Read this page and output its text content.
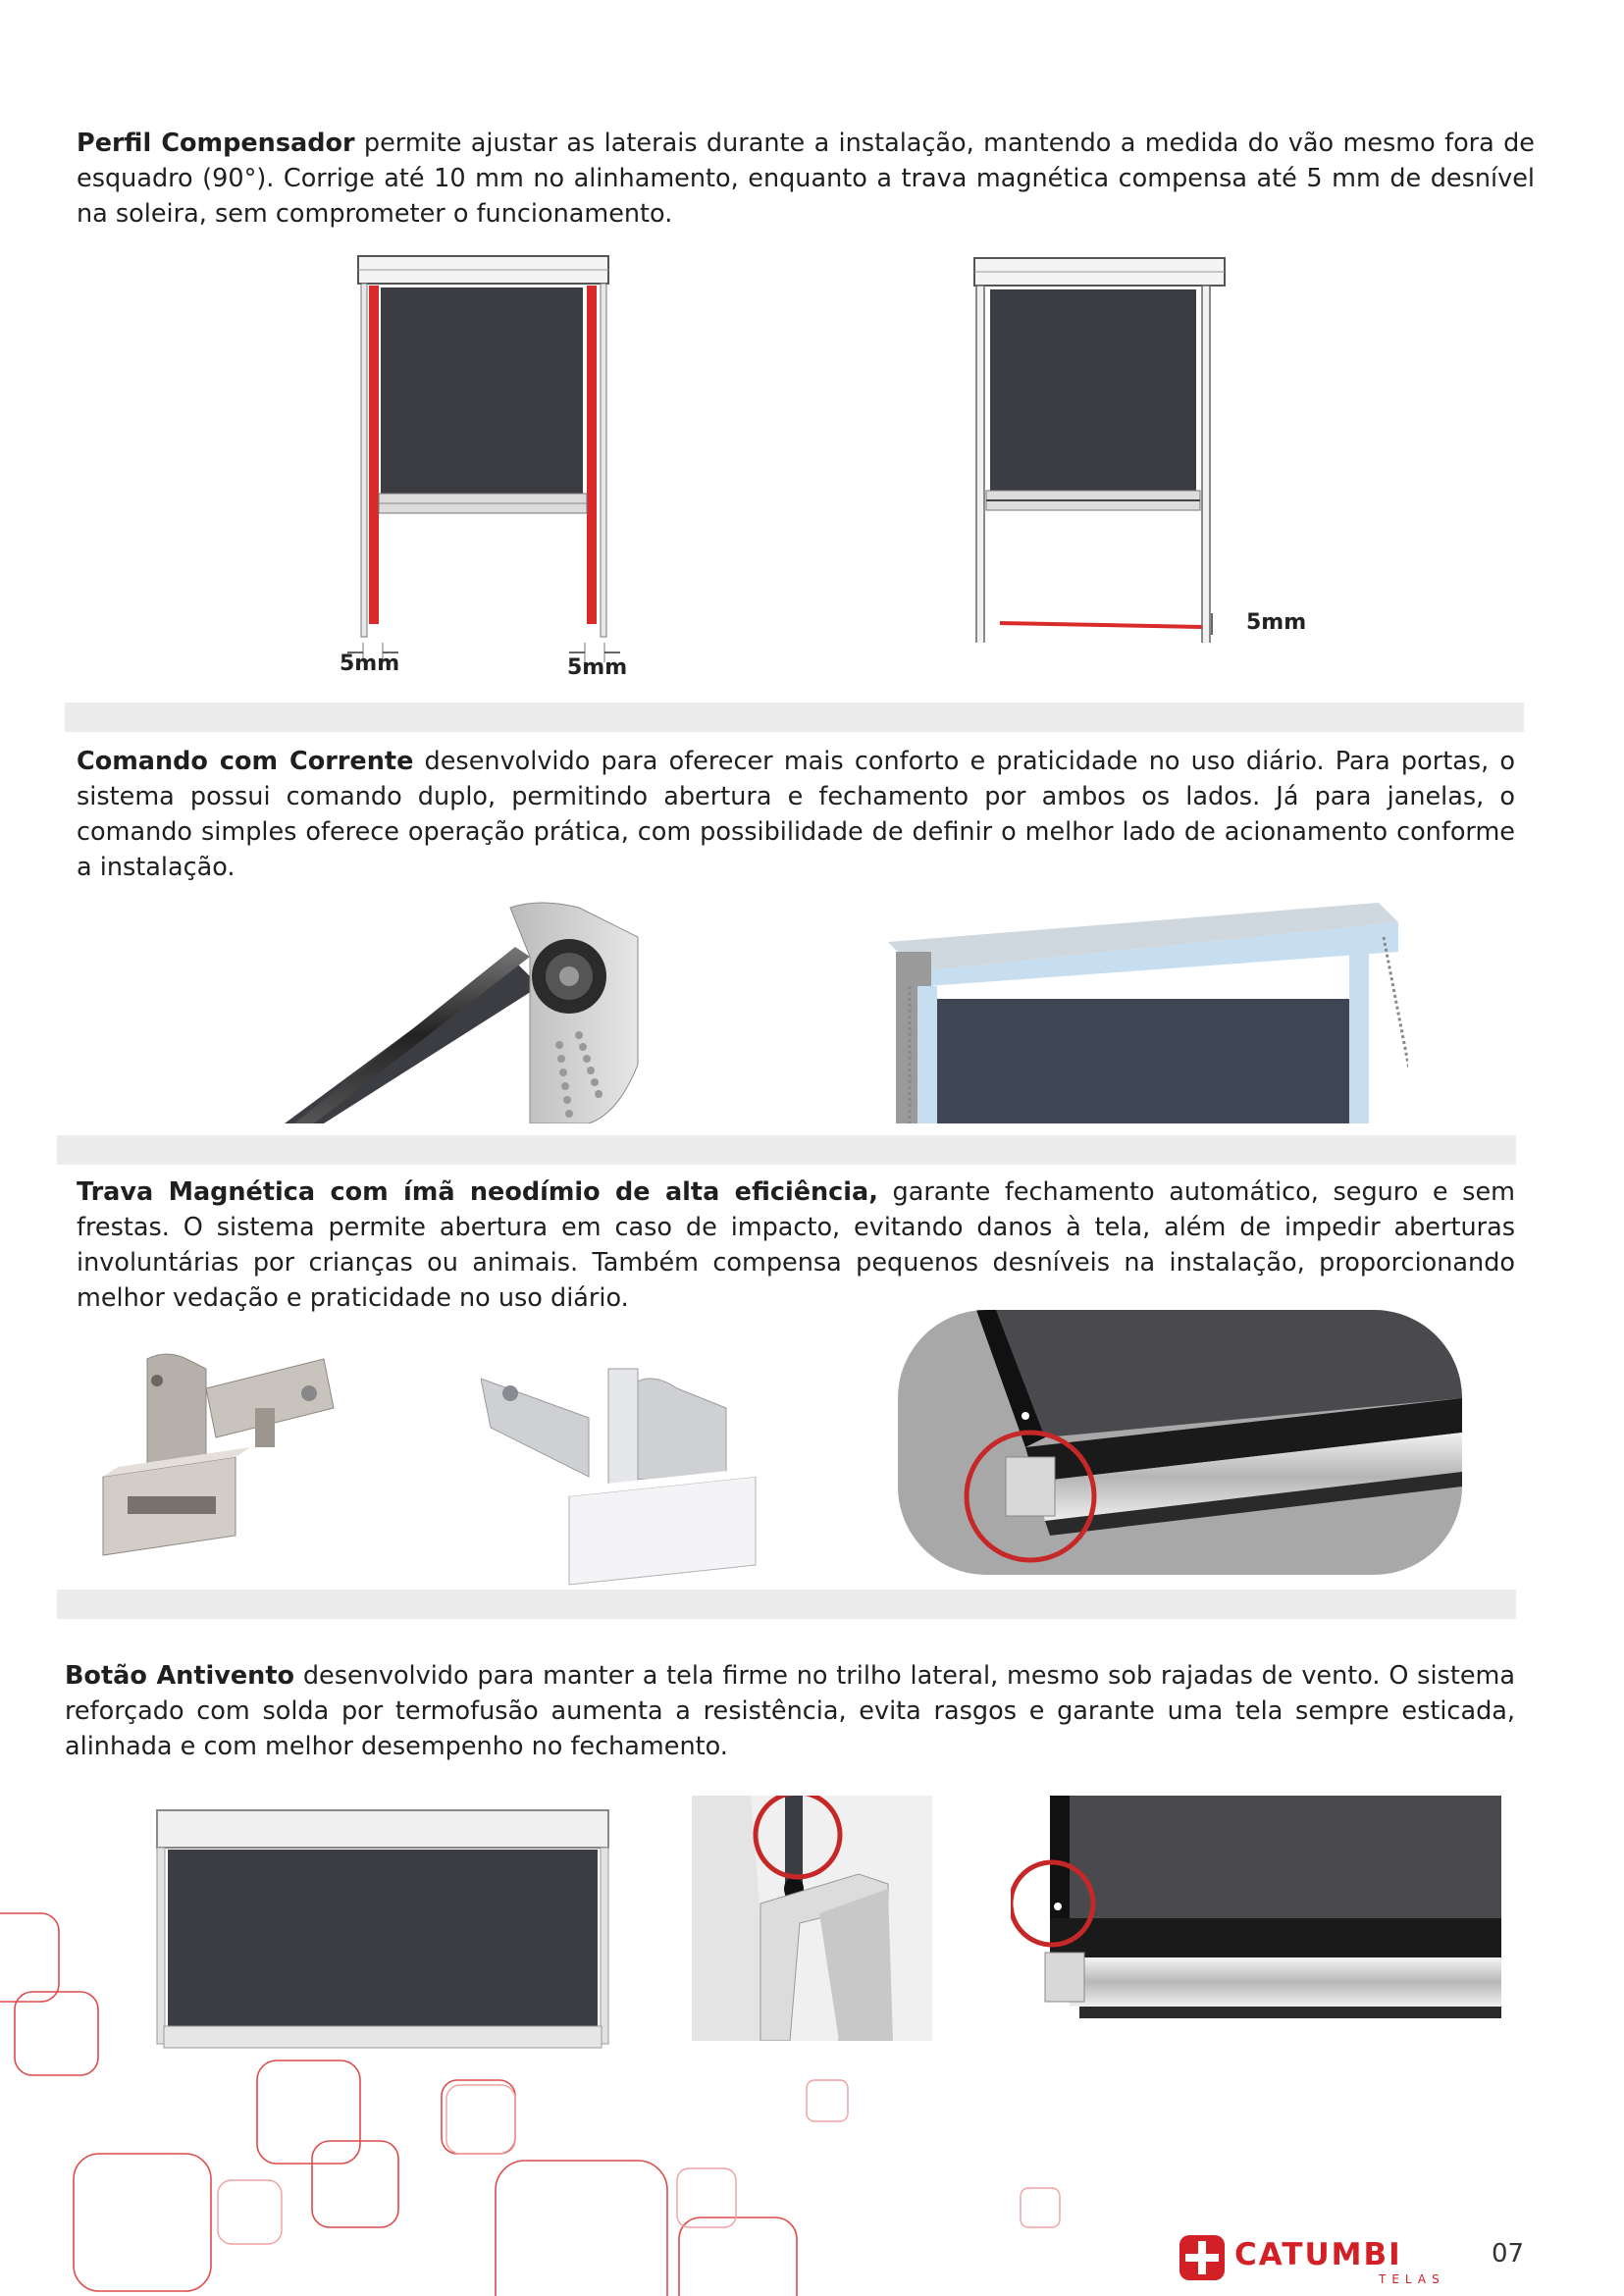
Perfil Compensador permite ajustar as laterais durante a instalação, mantendo a medida do vão mesmo fora de esquadro (90°). Corrige até 10 mm no alinhamento, enquanto a trava magnética compensa até 5 mm de desnível na soleira, sem comprometer o funcionamento.

5mm	5mm
5mm

Comando com Corrente desenvolvido para oferecer mais conforto e praticidade no uso diário. Para portas, o sistema possui comando duplo, permitindo abertura e fechamento por ambos os lados. Já para janelas, o comando simples oferece operação prática, com possibilidade de definir o melhor lado de acionamento conforme a instalação.

Trava Magnética com ímã neodímio de alta eficiência, garante fechamento automático, seguro e sem frestas. O sistema permite abertura em caso de impacto, evitando danos à tela, além de impedir aberturas involuntárias por crianças ou animais. Também compensa pequenos desníveis na instalação, proporcionando melhor vedação e praticidade no uso diário.

Botão Antivento desenvolvido para manter a tela firme no trilho lateral, mesmo sob rajadas de vento. O sistema reforçado com solda por termofusão aumenta a resistência, evita rasgos e garante uma tela sempre esticada, alinhada e com melhor desempenho no fechamento.

CATUMBI
TELAS
07
